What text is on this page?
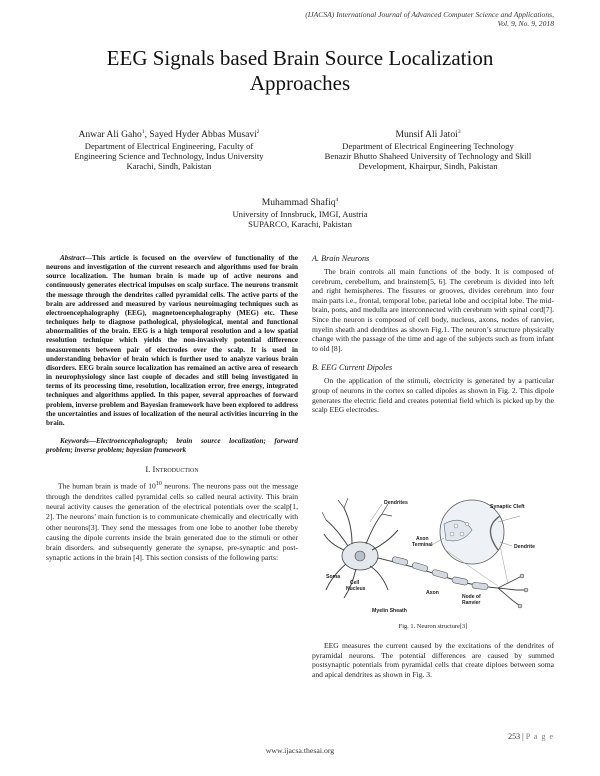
(IJACSA) International Journal of Advanced Computer Science and Applications,
Vol. 9, No. 9, 2018
EEG Signals based Brain Source Localization
Approaches
Anwar Ali Gaho$^1$, Sayed Hyder Abbas Musavi$^2$
Department of Electrical Engineering, Faculty of
Engineering Science and Technology, Indus University
Karachi, Sindh, Pakistan
Munsif Ali Jatoi$^3$
Department of Electrical Engineering Technology
Benazir Bhutto Shaheed University of Technology and Skill
Development, Khairpur, Sindh, Pakistan
Muhammad Shafiq$^4$
University of Innsbruck, IMGI, Austria
SUPARCO, Karachi, Pakistan

Abstract—This article is focused on the overview of functionality of the neurons and investigation of the current research and algorithms used for brain source localization. The human brain is made up of active neurons and continuously generates electrical impulses on scalp surface. The neurons transmit the message through the dendrites called pyramidal cells. The active parts of the brain are addressed and measured by various neuroimaging techniques such as electroencephalography (EEG), magnetoencephalography (MEG) etc. These techniques help to diagnose pathological, physiological, mental and functional abnormalities of the brain. EEG is a high temporal resolution and a low spatial resolution technique which yields the non-invasively potential difference measurements between pair of electrodes over the scalp. It is used in understanding behavior of brain which is further used to analyze various brain disorders. EEG brain source localization has remained an active area of research in neurophysiology since last couple of decades and still being investigated in terms of its processing time, resolution, localization error, free energy, integrated techniques and algorithms applied. In this paper, several approaches of forward problem, inverse problem and Bayesian framework have been explored to address the uncertainties and issues of localization of the neural activities incurring in the brain.

Keywords—Electroencephalograph; brain source localization; forward problem; inverse problem; bayesian framework

I. Introduction

The human brain is made of $10^{10}$ neurons. The neurons pass out the message through the dendrites called pyramidal cells so called neural activity. This brain neural activity causes the generation of the electrical potentials over the scalp[1, 2]. The neurons’ main function is to communicate chemically and electrically with other neurons[3]. They send the messages from one lobe to another lobe thereby causing the dipole currents inside the brain generated due to the stimuli or other brain disorders. and subsequently generate the synapse, pre-synaptic and post-synaptic actions in the brain [4]. This section consists of the following parts:

A. Brain Neurons

The brain controls all main functions of the body. It is composed of cerebrum, cerebellum, and brainstem[5, 6]. The cerebrum is divided into left and right hemispheres. The fissures or grooves, divides cerebrum into four main parts i.e., frontal, temporal lobe, parietal lobe and occipital lobe. The mid-brain, pons, and medulla are interconnected with cerebrum with spinal cord[7]. Since the neuron is composed of cell body, nucleus, axons, nodes of ranvier, myelin sheath and dendrites as shown Fig.1. The neuron’s structure physically change with the passage of the time and age of the subjects such as from infant to old [8].

B. EEG Current Dipoles

On the application of the stimuli, electricity is generated by a particular group of neurons in the cortex so called dipoles as shown in Fig. 2. This dipole generates the electric field and creates potential field which is picked up by the scalp EEG electrodes.

Dendrites
Synaptic Cleft
Axon Terminal	Dendrite
Soma
Cell Nucleus
Axon
Node of Ranvier
Myelin Sheath
Fig. 1. Neuron structure[3]

EEG measures the current caused by the excitations of the dendrites of pyramidal neurons. The potential differences are caused by summed postsynaptic potentials from pyramidal cells that create diploes between soma and apical dendrites as shown in Fig. 3.

253 | P a g e
www.ijacsa.thesai.org
